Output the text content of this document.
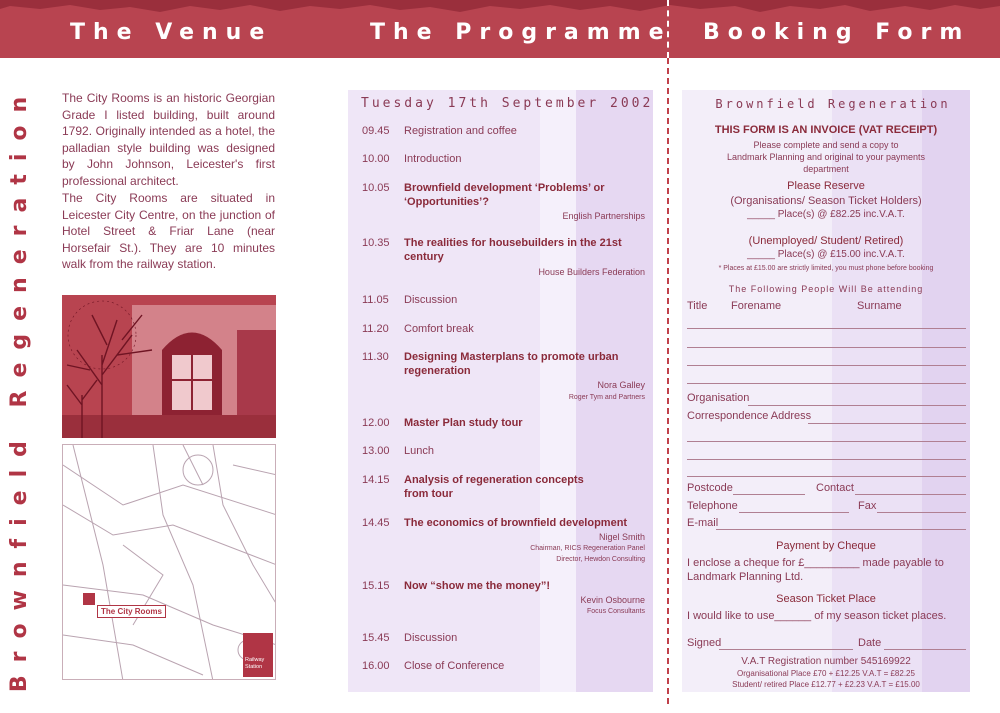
The Venue	The Programme Booking Form
Brownfield Regeneration	The City Rooms is an historic Georgian Grade I listed building, built around 1792. Originally intended as a hotel, the palladian style building was designed by John Johnson, Leicester's first professional architect.
The City Rooms are situated in Leicester City Centre, on the junction of Hotel Street & Friar Lane (near Horsefair St.). They are 10 minutes walk from the railway station.
The City Rooms
Railway Station
Tuesday 17th September 2002
09.45 Registration and coffee
10.00 Introduction
10.05 Brownfield development ‘Problems’ or ‘Opportunities’?
English Partnerships
10.35 The realities for housebuilders in the 21st century
House Builders Federation
11.05 Discussion
11.20 Comfort break
11.30 Designing Masterplans to promote urban regeneration
Nora Galley
Roger Tym and Partners
12.00 Master Plan study tour
13.00 Lunch
14.15 Analysis of regeneration concepts from tour
14.45 The economics of brownfield development
Nigel Smith
Chairman, RICS Regeneration Panel
Director, Hewdon Consulting
15.15 Now “show me the money”!
Kevin Osbourne
Focus Consultants
15.45 Discussion
16.00 Close of Conference
Brownfield Regeneration
THIS FORM IS AN INVOICE (VAT RECEIPT)
Please complete and send a copy to
Landmark Planning and original to your payments
department
Please Reserve
(Organisations/ Season Ticket Holders)
_____ Place(s) @ £82.25 inc.V.A.T.
(Unemployed/ Student/ Retired)
_____ Place(s) @ £15.00 inc.V.A.T.
* Places at £15.00 are strictly limited, you must phone before booking
The Following People Will Be attending
Title Forename	Surname
Organisation
Correspondence Address
Postcode	Contact
Telephone	Fax
E-mail
Payment by Cheque
I enclose a cheque for £_________ made payable to
Landmark Planning Ltd.
Season Ticket Place
I would like to use______ of my season ticket places.
Signed	Date
V.A.T Registration number 545169922
Organisational Place £70 + £12.25 V.A.T = £82.25
Student/ retired Place £12.77 + £2.23 V.A.T = £15.00
